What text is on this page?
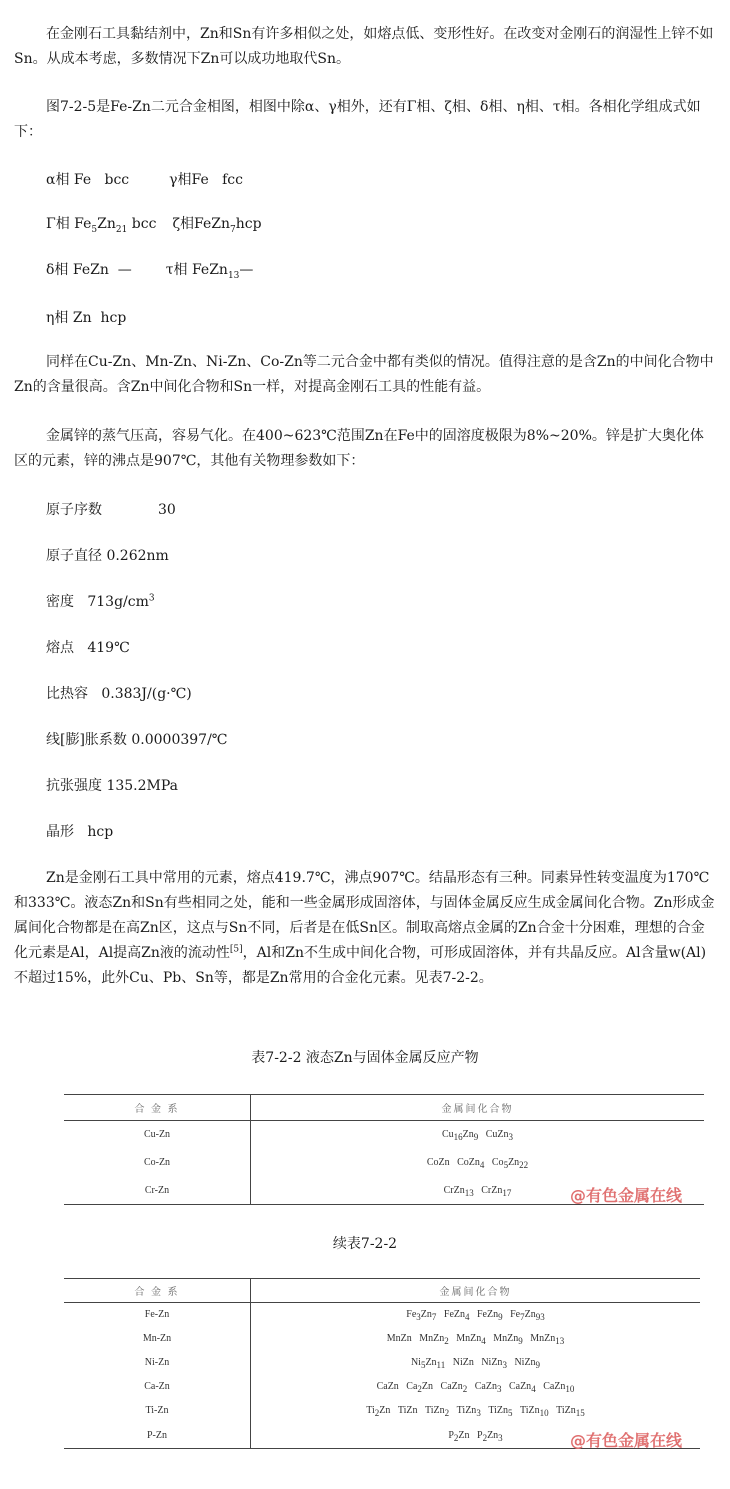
在金刚石工具黏结剂中，Zn和Sn有许多相似之处，如熔点低、变形性好。在改变对金刚石的润湿性上锌不如Sn。从成本考虑，多数情况下Zn可以成功地取代Sn。

图7-2-5是Fe-Zn二元合金相图，相图中除α、γ相外，还有Γ相、ζ相、δ相、η相、τ相。各相化学组成式如下：

α相 Fe   bcc	γ相Fe   fcc
Γ相 $Fe_5Zn_{21}$ bcc ζ相FeZn$_7$hcp
δ相 FeZn  — τ相 FeZn$_{13}$—
η相 Zn  hcp

同样在Cu-Zn、Mn-Zn、Ni-Zn、Co-Zn等二元合金中都有类似的情况。值得注意的是含Zn的中间化合物中Zn的含量很高。含Zn中间化合物和Sn一样，对提高金刚石工具的性能有益。

金属锌的蒸气压高，容易气化。在400~623℃范围Zn在Fe中的固溶度极限为8%~20%。锌是扩大奥化体区的元素，锌的沸点是907℃，其他有关物理参数如下：

原子序数	30
原子直径 0.262nm
密度   $713g/cm^3$
熔点   419℃
比热容   0.383J/(g·℃)
线[膨]胀系数 0.0000397/℃
抗张强度 135.2MPa
晶形   hcp

Zn是金刚石工具中常用的元素，熔点419.7℃，沸点907℃。结晶形态有三种。同素异性转变温度为170℃和333℃。液态Zn和Sn有些相同之处，能和一些金属形成固溶体，与固体金属反应生成金属间化合物。Zn形成金属间化合物都是在高Zn区，这点与Sn不同，后者是在低Sn区。制取高熔点金属的Zn合金十分困难，理想的合金化元素是Al，Al提高Zn液的流动性[5]，Al和Zn不生成中间化合物，可形成固溶体，并有共晶反应。Al含量w(Al)不超过15%，此外Cu、Pb、Sn等，都是Zn常用的合金化元素。见表7-2-2。

表7-2-2 液态Zn与固体金属反应产物
合 金 系	金属间化合物
Cu-Zn	$Cu_{16}Zn_9$   CuZn$_3$
Co-Zn	CoZn   CoZn$_4$   $Co_5Zn_{22}$
Cr-Zn	CrZn$_{13}$   CrZn$_{17}$	@有色金属在线
续表7-2-2
合 金 系	金属间化合物
Fe-Zn	$Fe_3Zn_7$   FeZn$_4$   FeZn$_9$   $Fe_7Zn_{93}$
Mn-Zn	MnZn   MnZn$_2$   MnZn$_4$   MnZn$_9$   MnZn$_{13}$
Ni-Zn	$Ni_5Zn_{11}$   NiZn   NiZn$_3$   NiZn$_9$
Ca-Zn	CaZn   $Ca_2Zn$   CaZn$_2$   CaZn$_3$   CaZn$_4$   CaZn$_{10}$
Ti-Zn	$Ti_2Zn$   TiZn   TiZn$_2$   TiZn$_3$   TiZn$_5$   TiZn$_{10}$   TiZn$_{15}$
P-Zn	$P_2Zn$   $P_2Zn_3$	@有色金属在线
